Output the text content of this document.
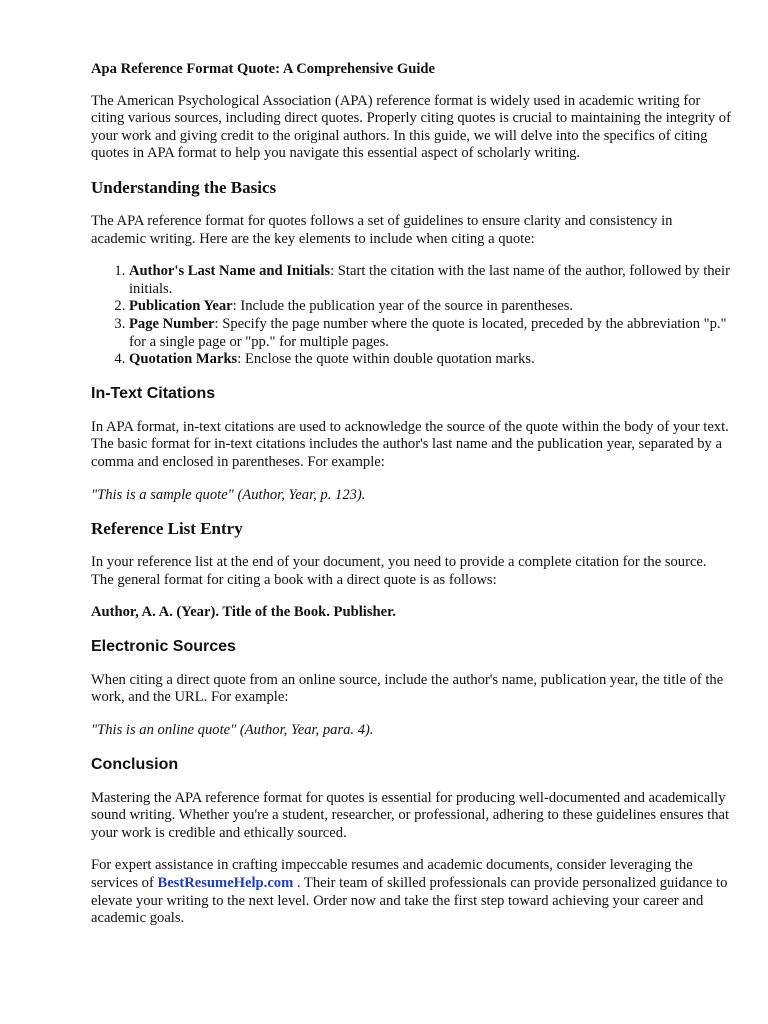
Apa Reference Format Quote: A Comprehensive Guide

The American Psychological Association (APA) reference format is widely used in academic writing for citing various sources, including direct quotes. Properly citing quotes is crucial to maintaining the integrity of your work and giving credit to the original authors. In this guide, we will delve into the specifics of citing quotes in APA format to help you navigate this essential aspect of scholarly writing.

Understanding the Basics

The APA reference format for quotes follows a set of guidelines to ensure clarity and consistency in academic writing. Here are the key elements to include when citing a quote:

1. Author's Last Name and Initials: Start the citation with the last name of the author, followed by their initials.
2. Publication Year: Include the publication year of the source in parentheses.
3. Page Number: Specify the page number where the quote is located, preceded by the abbreviation "p." for a single page or "pp." for multiple pages.
4. Quotation Marks: Enclose the quote within double quotation marks.
In-Text Citations

In APA format, in-text citations are used to acknowledge the source of the quote within the body of your text. The basic format for in-text citations includes the author's last name and the publication year, separated by a comma and enclosed in parentheses. For example:

"This is a sample quote" (Author, Year, p. 123).

Reference List Entry

In your reference list at the end of your document, you need to provide a complete citation for the source. The general format for citing a book with a direct quote is as follows:

Author, A. A. (Year). Title of the Book. Publisher.

Electronic Sources

When citing a direct quote from an online source, include the author's name, publication year, the title of the work, and the URL. For example:

"This is an online quote" (Author, Year, para. 4).

Conclusion

Mastering the APA reference format for quotes is essential for producing well-documented and academically sound writing. Whether you're a student, researcher, or professional, adhering to these guidelines ensures that your work is credible and ethically sourced.

For expert assistance in crafting impeccable resumes and academic documents, consider leveraging the services of BestResumeHelp.com . Their team of skilled professionals can provide personalized guidance to elevate your writing to the next level. Order now and take the first step toward achieving your career and academic goals.
